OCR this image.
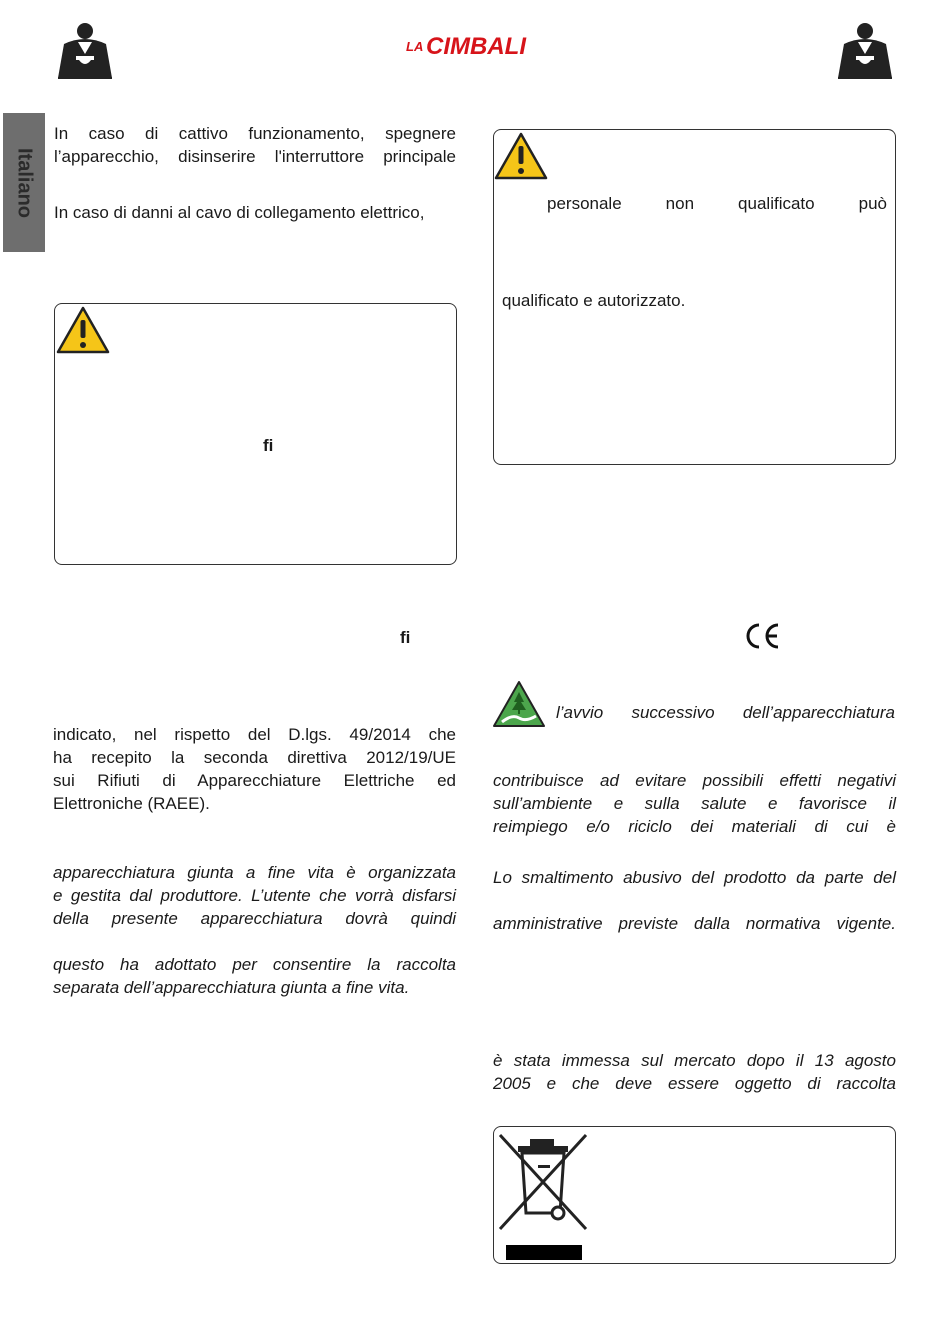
LA CIMBALI
Italiano
In caso di cattivo funzionamento, spegnere
l’apparecchio, disinserire l'interruttore principale
In caso di danni al cavo di collegamento elettrico,
fi
fi
indicato, nel rispetto del D.lgs. 49/2014 che
ha recepito la seconda direttiva 2012/19/UE
sui Rifiuti di Apparecchiature Elettriche ed
Elettroniche (RAEE).
apparecchiatura giunta a fine vita è organizzata
e gestita dal produttore. L’utente che vorrà disfarsi
della presente apparecchiatura dovrà quindi
questo ha adottato per consentire la raccolta
separata dell’apparecchiatura giunta a fine vita.
personale	non	qualificato	può
qualificato e autorizzato.
l’avvio successivo dell’apparecchiatura
contribuisce ad evitare possibili effetti negativi
sull’ambiente e sulla salute e favorisce il
reimpiego e/o riciclo dei materiali di cui è
Lo smaltimento abusivo del prodotto da parte del
amministrative previste dalla normativa vigente.
è stata immessa sul mercato dopo il 13 agosto
2005 e che deve essere oggetto di raccolta
